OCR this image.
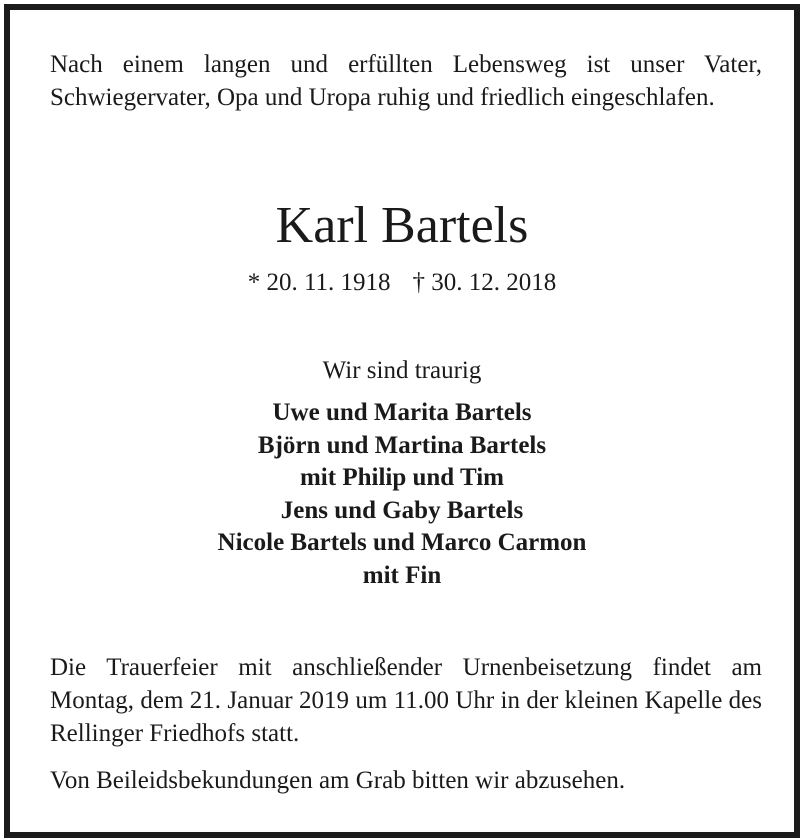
Nach einem langen und erfüllten Lebensweg ist unser Vater, Schwiegervater, Opa und Uropa ruhig und friedlich eingeschlafen.

Karl Bartels

* 20. 11. 1918 † 30. 12. 2018

Wir sind traurig

Uwe und Marita Bartels
Björn und Martina Bartels
mit Philip und Tim
Jens und Gaby Bartels
Nicole Bartels und Marco Carmon
mit Fin

Die Trauerfeier mit anschließender Urnenbeisetzung findet am Montag, dem 21. Januar 2019 um 11.00 Uhr in der kleinen Kapelle des Rellinger Friedhofs statt.

Von Beileidsbekundungen am Grab bitten wir abzusehen.
